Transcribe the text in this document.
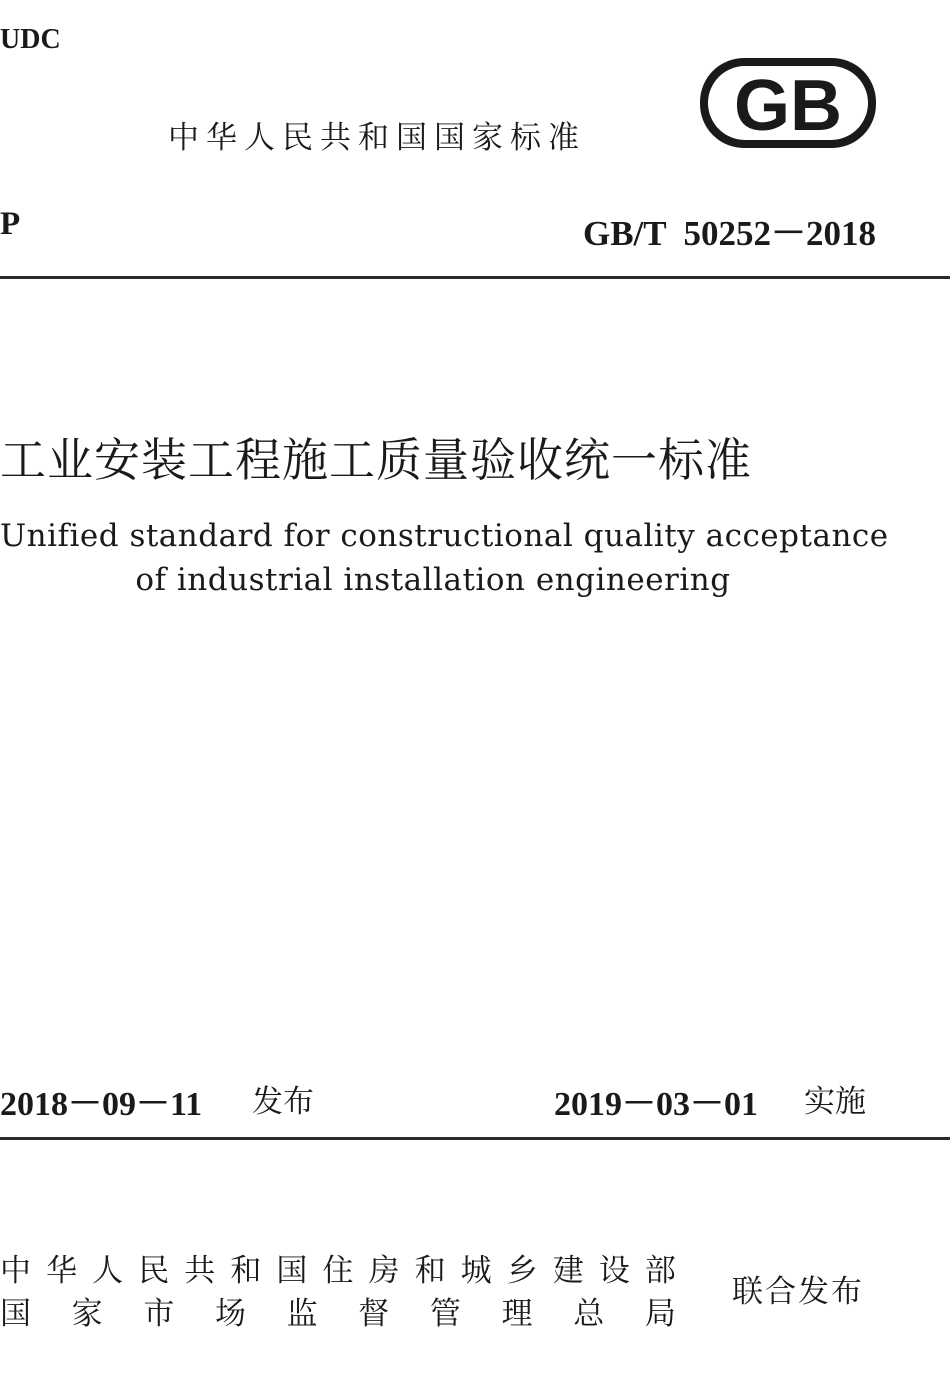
UDC
中华人民共和国国家标准 GB
P	GB/T  50252－2018
工业安装工程施工质量验收统一标准
Unified standard for constructional quality acceptance
of industrial installation engineering
2018－09－11 发布	2019－03－01 实施
中 华 人 民 共 和 国 住 房 和 城 乡 建 设 部
国 家 市 场 监 督 管 理 总 局
联合发布
